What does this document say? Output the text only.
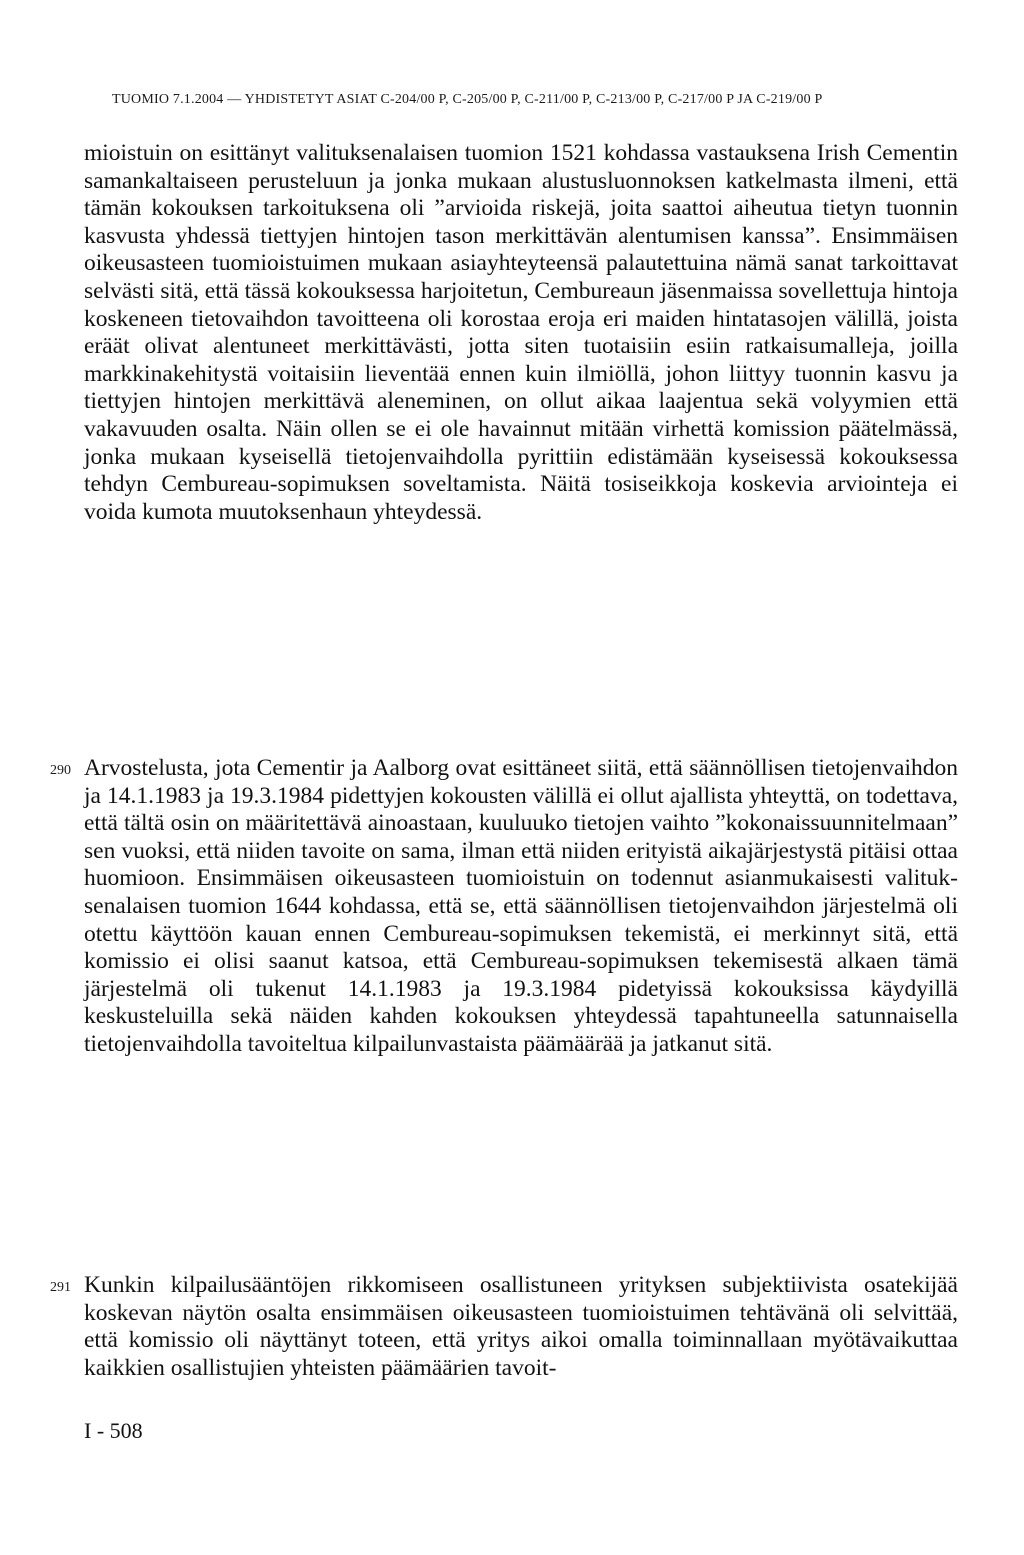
TUOMIO 7.1.2004 — YHDISTETYT ASIAT C-204/00 P, C-205/00 P, C-211/00 P, C-213/00 P, C-217/00 P JA C-219/00 P
mioistuin on esittänyt valituksenalaisen tuomion 1521 kohdassa vastauksena Irish Cementin samankaltaiseen perusteluun ja jonka mukaan alustusluonnoksen katkelmasta ilmeni, että tämän kokouksen tarkoituksena oli ”arvioida riskejä, joita saattoi aiheutua tietyn tuonnin kasvusta yhdessä tiettyjen hintojen tason merkittävän alentumisen kanssa”. Ensimmäisen oikeusasteen tuomioistuimen mukaan asiayhteyteensä palautettuina nämä sanat tarkoittavat selvästi sitä, että tässä kokouksessa harjoitetun, Cembureaun jäsenmaissa sovellettuja hintoja koskeneen tietovaihdon tavoitteena oli korostaa eroja eri maiden hintatasojen välillä, joista eräät olivat alentuneet merkittävästi, jotta siten tuotaisiin esiin ratkaisumalleja, joilla markkinakehitystä voitaisiin lieventää ennen kuin ilmiöllä, johon liittyy tuonnin kasvu ja tiettyjen hintojen merkittävä aleneminen, on ollut aikaa laajentua sekä volyymien että vakavuuden osalta. Näin ollen se ei ole havainnut mitään virhettä komission päätelmässä, jonka mukaan kyseisellä tietojenvaihdolla pyrittiin edistämään kyseisessä kokouksessa tehdyn Cembureau-sopimuksen soveltamista. Näitä tosiseikkoja koskevia arviointeja ei voida kumota muutoksenhaun yhteydessä.
290 Arvostelusta, jota Cementir ja Aalborg ovat esittäneet siitä, että säännöllisen tietojenvaihdon ja 14.1.1983 ja 19.3.1984 pidettyjen kokousten välillä ei ollut ajallista yhteyttä, on todettava, että tältä osin on määritettävä ainoastaan, kuuluuko tietojen vaihto ”kokonaissuunnitelmaan” sen vuoksi, että niiden tavoite on sama, ilman että niiden erityistä aikajärjestystä pitäisi ottaa huomioon. Ensimmäisen oikeusasteen tuomioistuin on todennut asianmukaisesti valituksenalaisen tuomion 1644 kohdassa, että se, että säännöllisen tietojenvaihdon järjestelmä oli otettu käyttöön kauan ennen Cembureau-sopimuksen tekemistä, ei merkinnyt sitä, että komissio ei olisi saanut katsoa, että Cembureau-sopimuksen tekemisestä alkaen tämä järjestelmä oli tukenut 14.1.1983 ja 19.3.1984 pidetyissä kokouksissa käydyillä keskusteluilla sekä näiden kahden kokouksen yhteydessä tapahtuneella satunnaisella tietojenvaihdolla tavoiteltua kilpailunvastaista päämäärää ja jatkanut sitä.
291 Kunkin kilpailusääntöjen rikkomiseen osallistuneen yrityksen subjektiivista osatekijää koskevan näytön osalta ensimmäisen oikeusasteen tuomioistuimen tehtävänä oli selvittää, että komissio oli näyttänyt toteen, että yritys aikoi omalla toiminnallaan myötävaikuttaa kaikkien osallistujien yhteisten päämäärien tavoit-
I - 508
